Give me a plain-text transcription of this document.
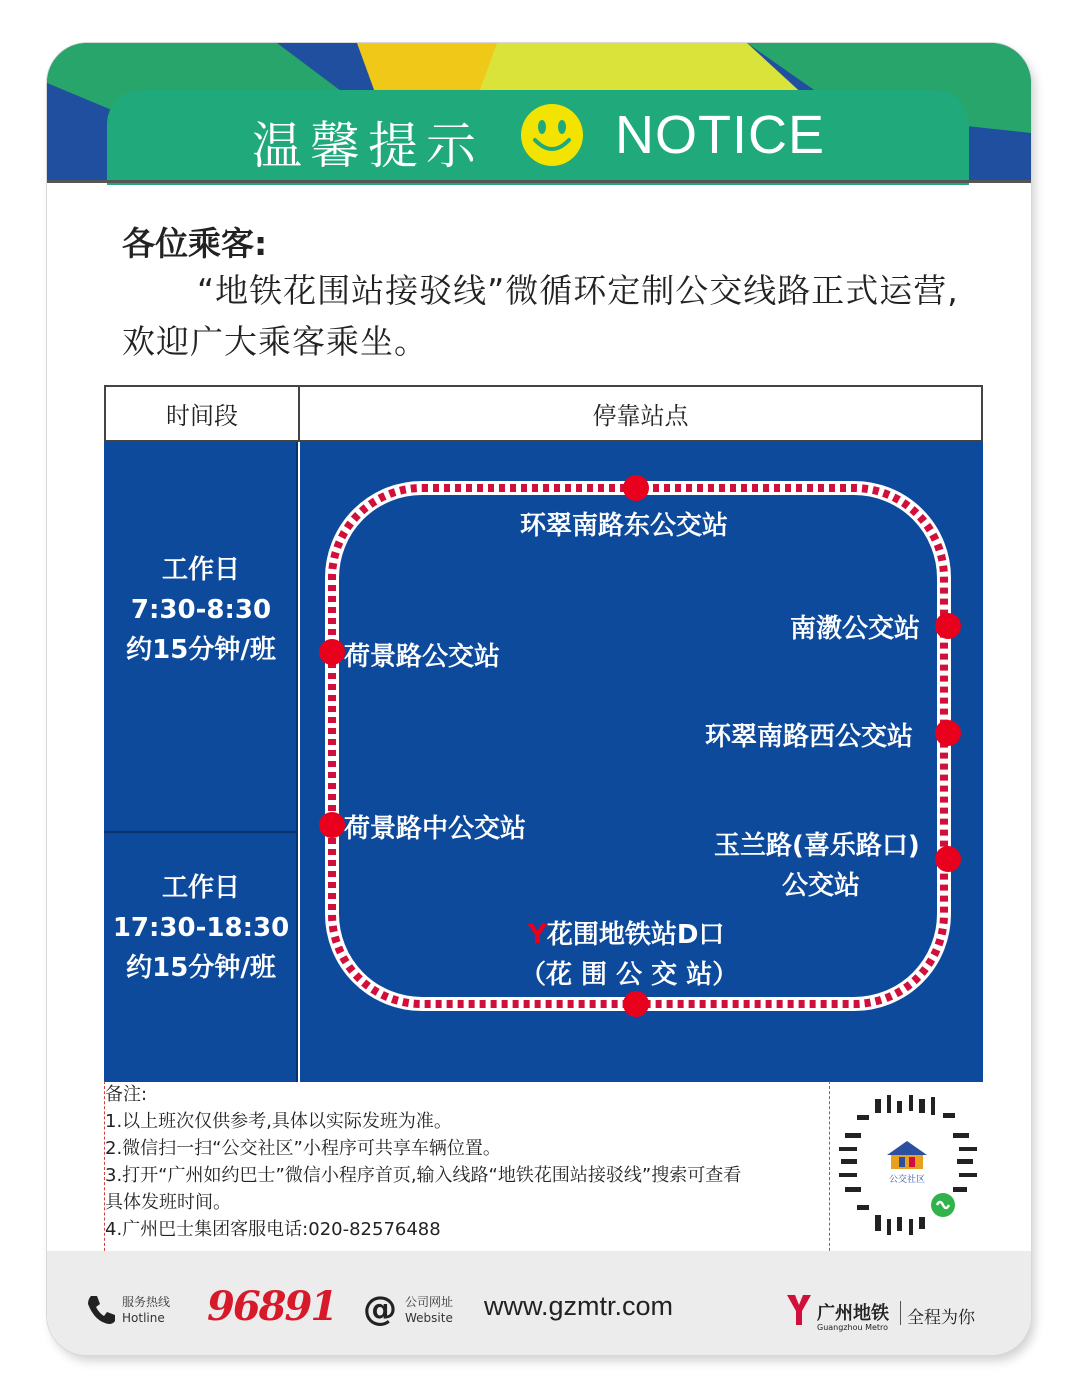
温馨提示 NOTICE
各位乘客:
“地铁花围站接驳线”微循环定制公交线路正式运营,欢迎广大乘客乘坐。
时间段	停靠站点
工作日
7:30-8:30
约15分钟/班
工作日
17:30-18:30
约15分钟/班
环翠南路东公交站
荷景路公交站
荷景路中公交站
南漖公交站
环翠南路西公交站
玉兰路(喜乐路口)
公交站
Y花围地铁站D口
（花 围 公 交 站）

备注:

1.以上班次仅供参考,具体以实际发班为准。

2.微信扫一扫“公交社区”小程序可共享车辆位置。

3.打开“广州如约巴士”微信小程序首页,输入线路“地铁花围站接驳线”搜索可查看

具体发班时间。

4.广州巴士集团客服电话:020-82576488

公交社区
服务热线
Hotline 96891 @ 公司网址
Website www.gzmtr.com	广州地铁
Guangzhou Metro 全程为你
